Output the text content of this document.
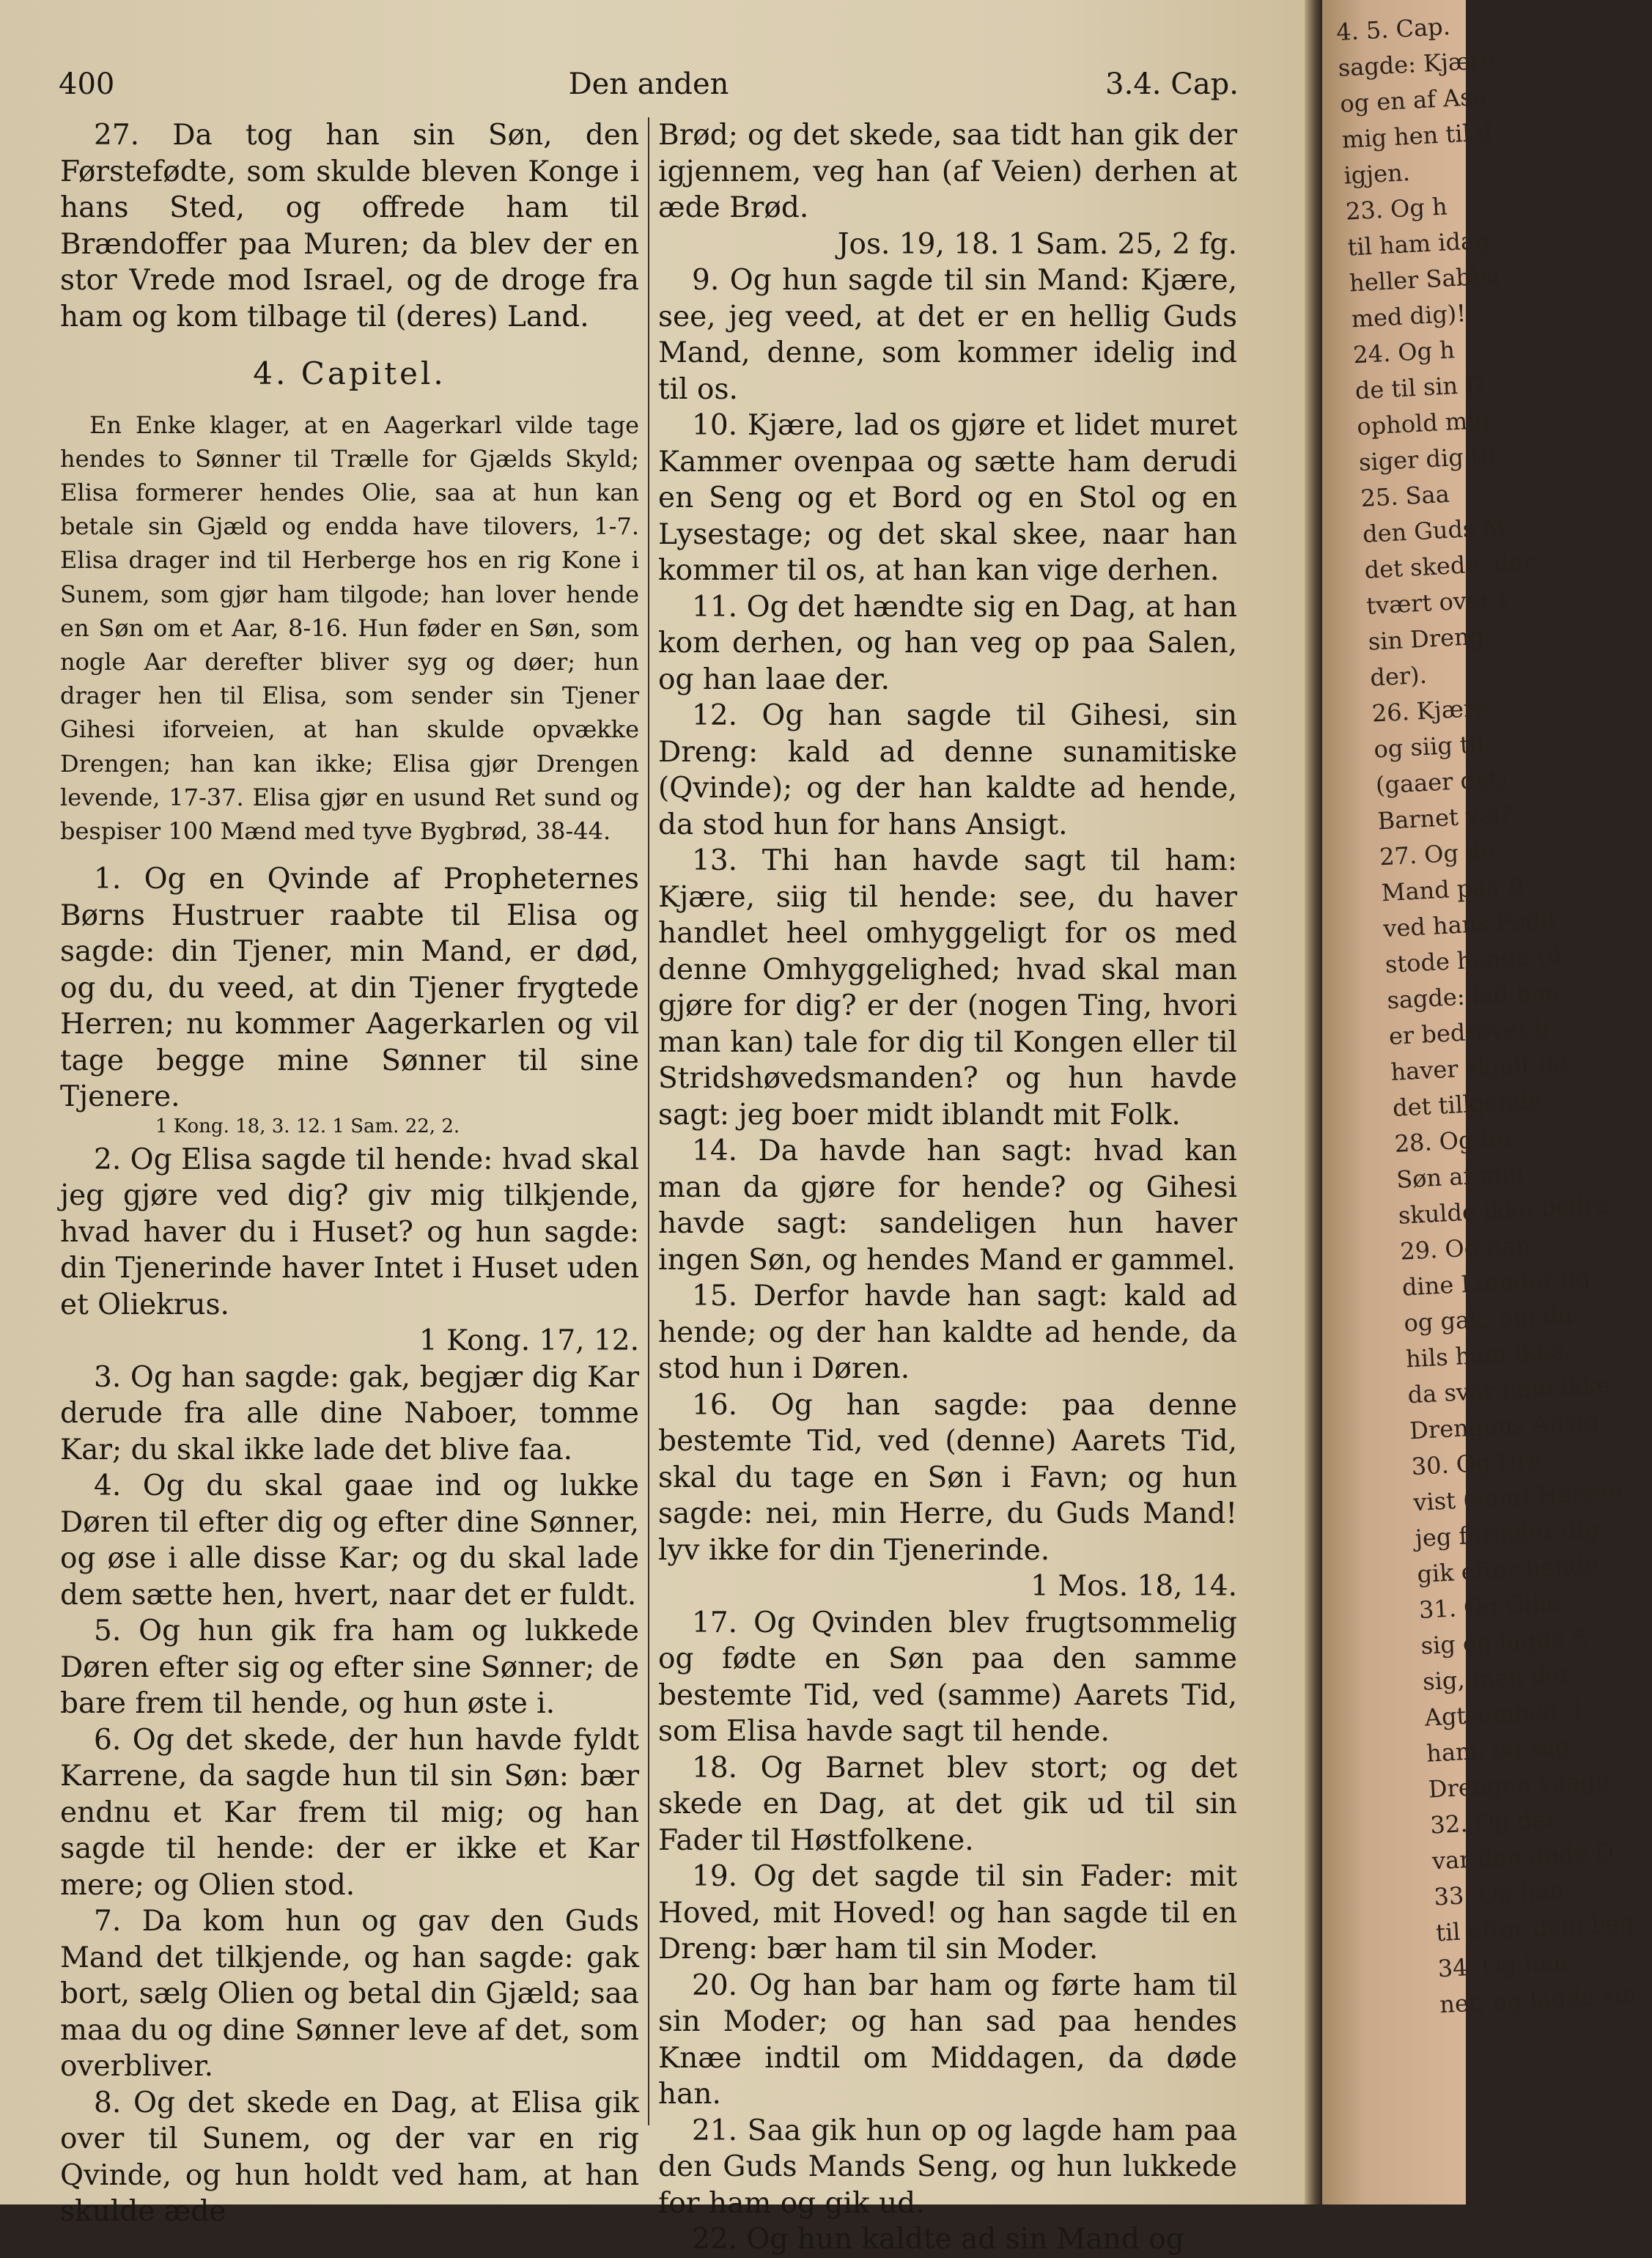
400	Den anden	3.4. Cap.

27. Da tog han sin Søn, den Førstefødte, som skulde bleven Konge i hans Sted, og offrede ham til Brændoffer paa Muren; da blev der en stor Vrede mod Israel, og de droge fra ham og kom tilbage til (deres) Land.

4. Capitel.

En Enke klager, at en Aagerkarl vilde tage hendes to Sønner til Trælle for Gjælds Skyld; Elisa formerer hendes Olie, saa at hun kan betale sin Gjæld og endda have tilovers, 1-7. Elisa drager ind til Herberge hos en rig Kone i Sunem, som gjør ham tilgode; han lover hende en Søn om et Aar, 8-16. Hun føder en Søn, som nogle Aar derefter bliver syg og døer; hun drager hen til Elisa, som sender sin Tjener Gihesi iforveien, at han skulde opvække Drengen; han kan ikke; Elisa gjør Drengen levende, 17-37. Elisa gjør en usund Ret sund og bespiser 100 Mænd med tyve Bygbrød, 38-44.

1. Og en Qvinde af Propheternes Børns Hustruer raabte til Elisa og sagde: din Tjener, min Mand, er død, og du, du veed, at din Tjener frygtede Herren; nu kommer Aagerkarlen og vil tage begge mine Sønner til sine Tjenere.

1 Kong. 18, 3. 12. 1 Sam. 22, 2.

2. Og Elisa sagde til hende: hvad skal jeg gjøre ved dig? giv mig tilkjende, hvad haver du i Huset? og hun sagde: din Tjenerinde haver Intet i Huset uden et Oliekrus.
1 Kong. 17, 12.

3. Og han sagde: gak, begjær dig Kar derude fra alle dine Naboer, tomme Kar; du skal ikke lade det blive faa.

4. Og du skal gaae ind og lukke Døren til efter dig og efter dine Sønner, og øse i alle disse Kar; og du skal lade dem sætte hen, hvert, naar det er fuldt.

5. Og hun gik fra ham og lukkede Døren efter sig og efter sine Sønner; de bare frem til hende, og hun øste i.

6. Og det skede, der hun havde fyldt Karrene, da sagde hun til sin Søn: bær endnu et Kar frem til mig; og han sagde til hende: der er ikke et Kar mere; og Olien stod.

7. Da kom hun og gav den Guds Mand det tilkjende, og han sagde: gak bort, sælg Olien og betal din Gjæld; saa maa du og dine Sønner leve af det, som overbliver.

8. Og det skede en Dag, at Elisa gik over til Sunem, og der var en rig Qvinde, og hun holdt ved ham, at han skulde æde

Brød; og det skede, saa tidt han gik der igjennem, veg han (af Veien) derhen at æde Brød.
Jos. 19, 18. 1 Sam. 25, 2 fg.

9. Og hun sagde til sin Mand: Kjære, see, jeg veed, at det er en hellig Guds Mand, denne, som kommer idelig ind til os.

10. Kjære, lad os gjøre et lidet muret Kammer ovenpaa og sætte ham derudi en Seng og et Bord og en Stol og en Lysestage; og det skal skee, naar han kommer til os, at han kan vige derhen.

11. Og det hændte sig en Dag, at han kom derhen, og han veg op paa Salen, og han laae der.

12. Og han sagde til Gihesi, sin Dreng: kald ad denne sunamitiske (Qvinde); og der han kaldte ad hende, da stod hun for hans Ansigt.

13. Thi han havde sagt til ham: Kjære, siig til hende: see, du haver handlet heel omhyggeligt for os med denne Omhyggelighed; hvad skal man gjøre for dig? er der (nogen Ting, hvori man kan) tale for dig til Kongen eller til Stridshøvedsmanden? og hun havde sagt: jeg boer midt iblandt mit Folk.

14. Da havde han sagt: hvad kan man da gjøre for hende? og Gihesi havde sagt: sandeligen hun haver ingen Søn, og hendes Mand er gammel.

15. Derfor havde han sagt: kald ad hende; og der han kaldte ad hende, da stod hun i Døren.

16. Og han sagde: paa denne bestemte Tid, ved (denne) Aarets Tid, skal du tage en Søn i Favn; og hun sagde: nei, min Herre, du Guds Mand! lyv ikke for din Tjenerinde.
1 Mos. 18, 14.

17. Og Qvinden blev frugtsommelig og fødte en Søn paa den samme bestemte Tid, ved (samme) Aarets Tid, som Elisa havde sagt til hende.

18. Og Barnet blev stort; og det skede en Dag, at det gik ud til sin Fader til Høstfolkene.

19. Og det sagde til sin Fader: mit Hoved, mit Hoved! og han sagde til en Dreng: bær ham til sin Moder.

20. Og han bar ham og førte ham til sin Moder; og han sad paa hendes Knæe indtil om Middagen, da døde han.

21. Saa gik hun op og lagde ham paa den Guds Mands Seng, og hun lukkede for ham og gik ud.

22. Og hun kaldte ad sin Mand og

4. 5. Cap.
sagde: Kjære
og en af Ase
mig hen til d
igjen.
23. Og h
til ham idag
heller Sabba
med dig)!
24. Og h
de til sin D
ophold mig
siger dig til.
25. Saa
den Guds M
det skede, der
tvært over f
sin Dreng:
der).
26. Kjære
og siig til
(gaaer det)
Barnet vel?
27. Og de
Mand paa B
ved hans Fødd
stode hende (d
sagde: lad hen
er bedrøvet b
haver skjult de
det tilkjende.
28. Og hu
Søn af min
skulde ikke bedra
29. Og han
dine Lænder og
og gak; om du
hils ham ikke,
da svar ham ikke
Drengens Ansig
30. Og Dre
vist (som) Herren
jeg forlader dig
gik efter hende.
31. Og Gihe
sig og lagde S
sig, men der
Agtsomhed; l
ham, og sag
Drengen vaagn
32. Og der
var den døde D
33. Og han
til efter dem beg
34. Og han
net, og lagde sin
